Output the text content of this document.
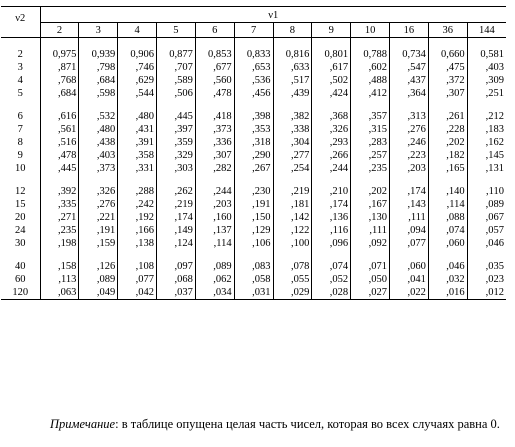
ν2	ν1											
	2	3	4	5	6	7	8	9	10	16	36	144

2	0,975	0,939	0,906	0,877	0,853	0,833	0,816	0,801	0,788	0,734	0,660	0,581
3	,871	,798	,746	,707	,677	,653	,633	,617	,602	,547	,475	,403
4	,768	,684	,629	,589	,560	,536	,517	,502	,488	,437	,372	,309
5	,684	,598	,544	,506	,478	,456	,439	,424	,412	,364	,307	,251

6	,616	,532	,480	,445	,418	,398	,382	,368	,357	,313	,261	,212
7	,561	,480	,431	,397	,373	,353	,338	,326	,315	,276	,228	,183
8	,516	,438	,391	,359	,336	,318	,304	,293	,283	,246	,202	,162
9	,478	,403	,358	,329	,307	,290	,277	,266	,257	,223	,182	,145
10	,445	,373	,331	,303	,282	,267	,254	,244	,235	,203	,165	,131

12	,392	,326	,288	,262	,244	,230	,219	,210	,202	,174	,140	,110
15	,335	,276	,242	,219	,203	,191	,181	,174	,167	,143	,114	,089
20	,271	,221	,192	,174	,160	,150	,142	,136	,130	,111	,088	,067
24	,235	,191	,166	,149	,137	,129	,122	,116	,111	,094	,074	,057
30	,198	,159	,138	,124	,114	,106	,100	,096	,092	,077	,060	,046

40	,158	,126	,108	,097	,089	,083	,078	,074	,071	,060	,046	,035
60	,113	,089	,077	,068	,062	,058	,055	,052	,050	,041	,032	,023
120	,063	,049	,042	,037	,034	,031	,029	,028	,027	,022	,016	,012

Примечание: в таблице опущена целая часть чисел, которая во всех случаях равна 0.
